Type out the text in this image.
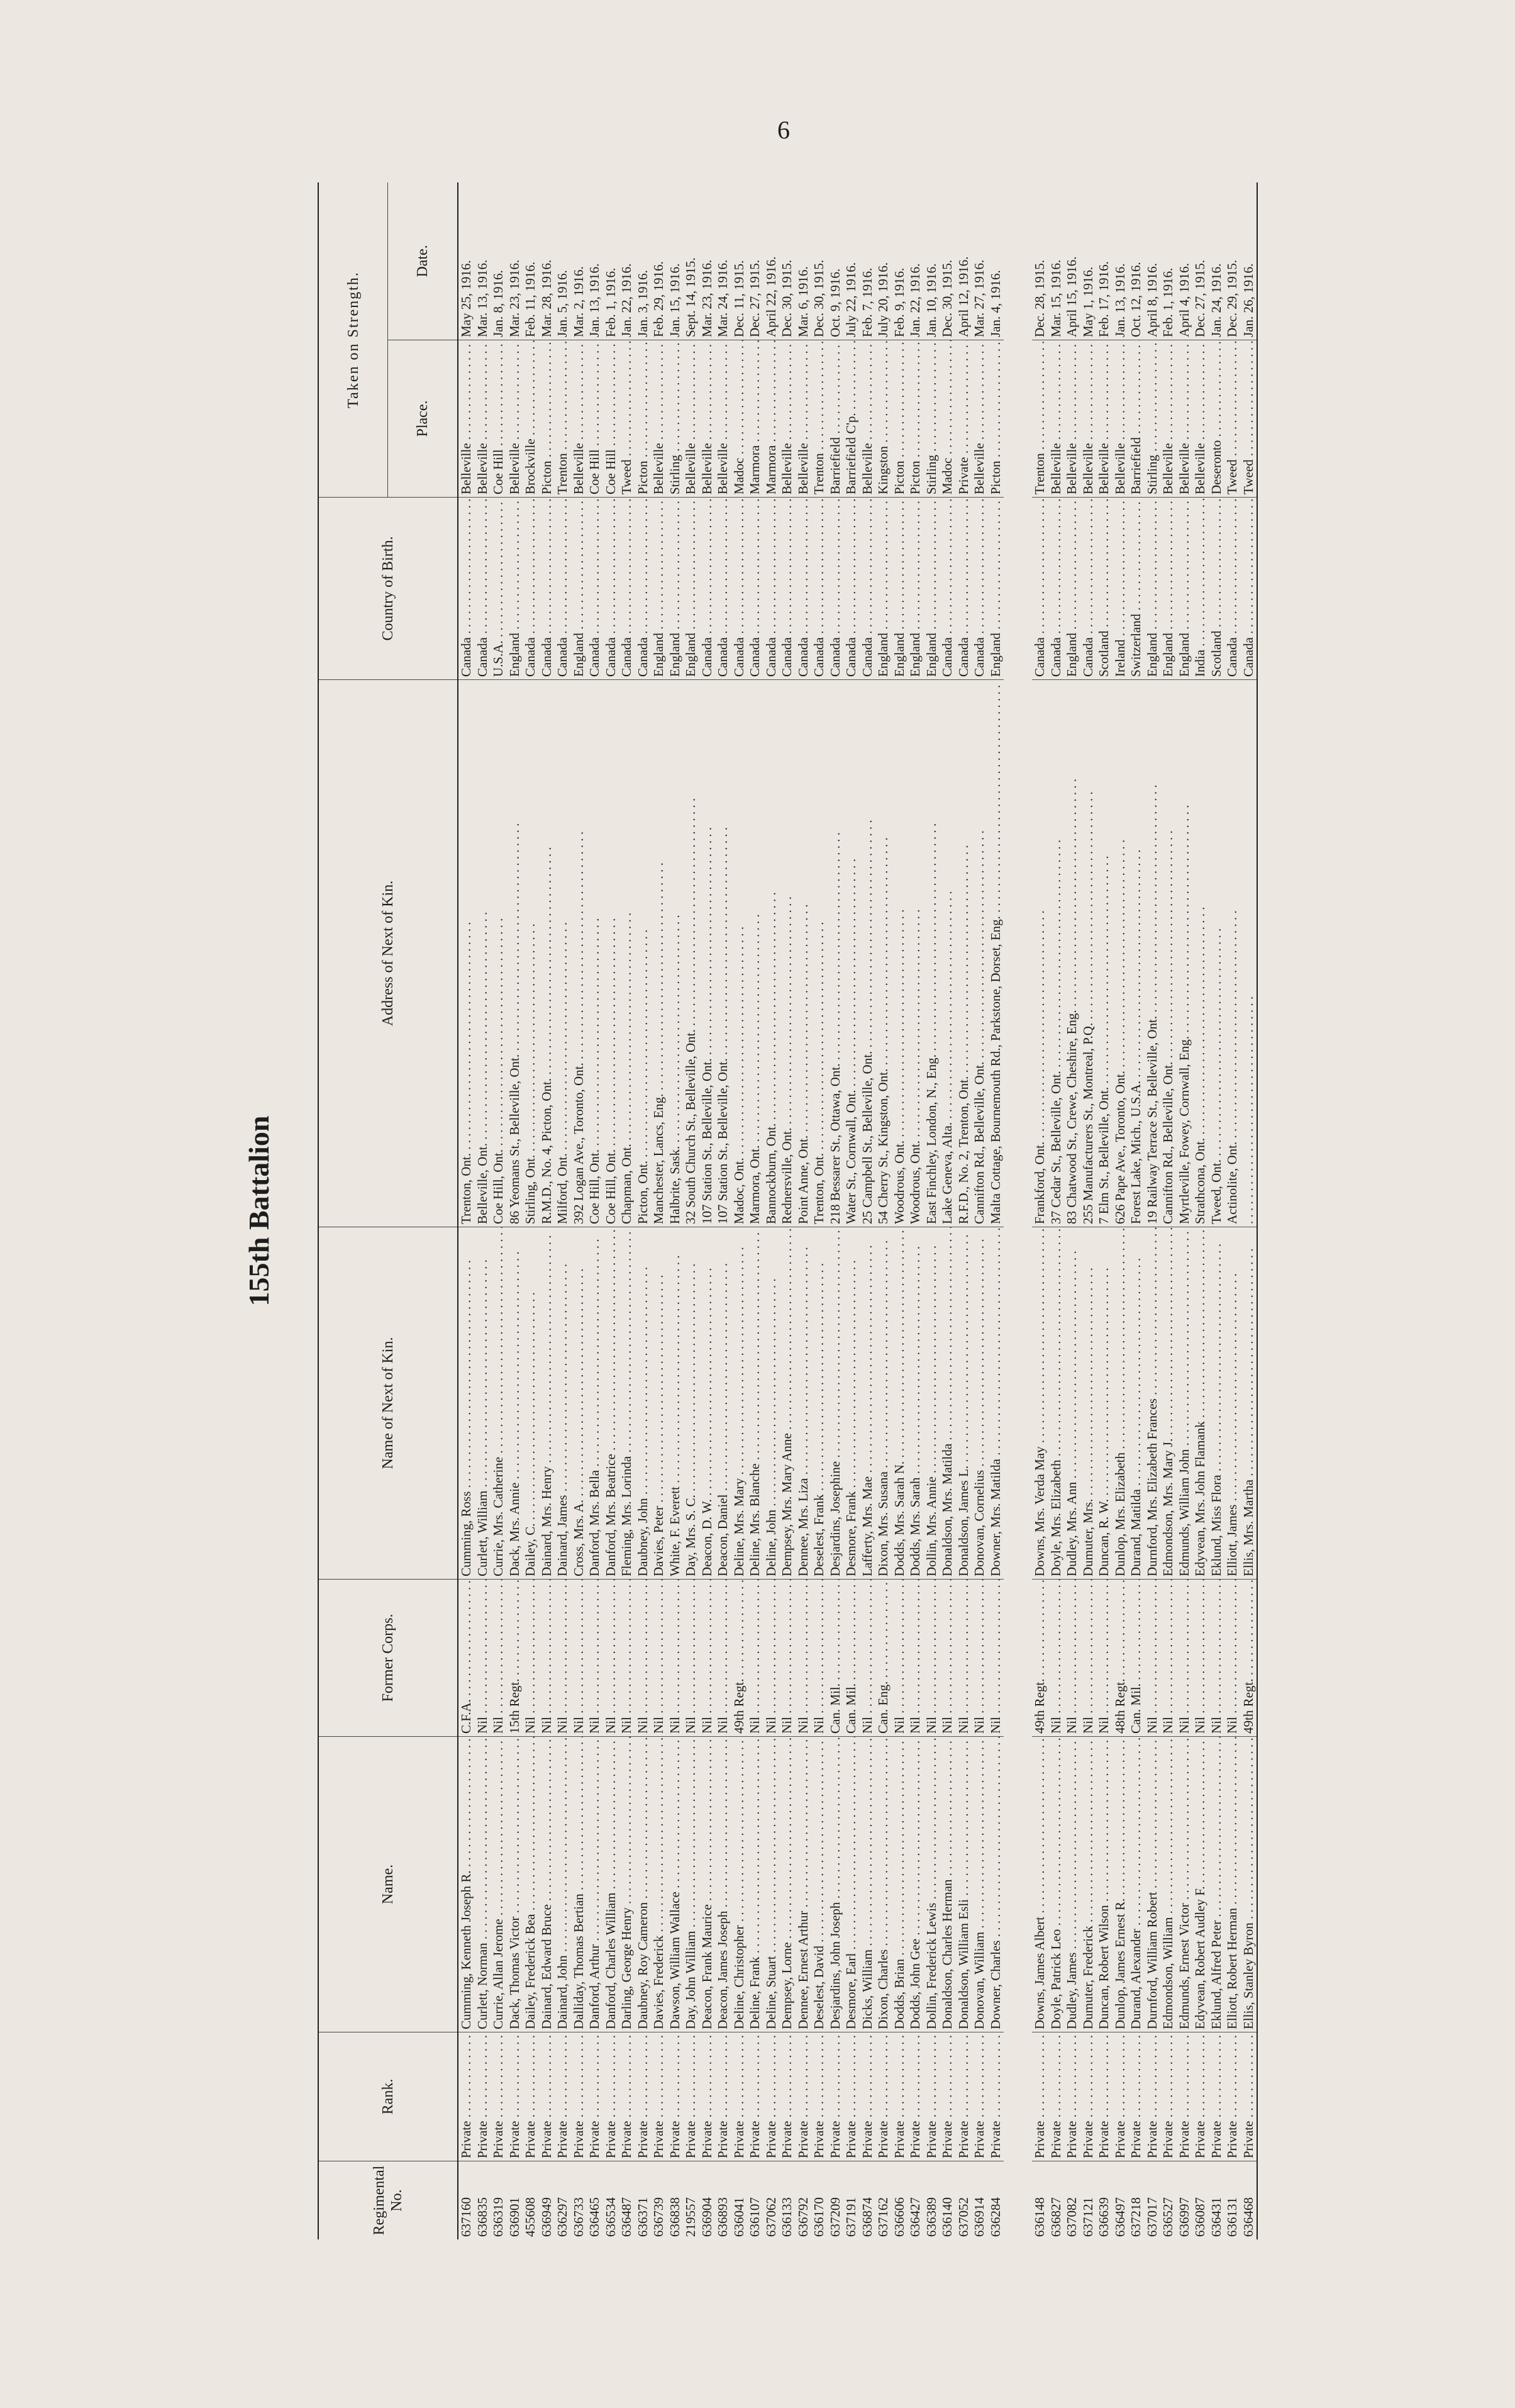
6
155th Battalion
Regimental No.
Rank.
Name.
Former Corps.
Name of Next of Kin.
Address of Next of Kin.
Country of Birth.
Taken on Strength.
Place.
Date.
637160
Private . . .
Cumming, Kenneth Joseph R. . . .
C.F.A. . . .
Cumming, Ross . . .
Trenton, Ont. . . .
Canada . . .
Belleville . . .
May 25, 1916.
636835
Private . . .
Curlett, Norman . . .
Nil . . .
Curlett, William . . .
Belleville, Ont. . . .
Canada . . .
Belleville . . .
Mar. 13, 1916.
636319
Private . . .
Currie, Allan Jerome . . .
Nil . . .
Currie, Mrs. Catherine . . .
Coe Hill, Ont. . . .
U.S.A. . . .
Coe Hill . . .
Jan. 8, 1916.
636901
Private . . .
Dack, Thomas Victor . . .
15th Regt. . . .
Dack, Mrs. Annie . . .
86 Yeomans St., Belleville, Ont. . . .
England . . .
Belleville . . .
Mar. 23, 1916.
455608
Private . . .
Dailey, Frederick Bea . . .
Nil . . .
Dailey, C. . . .
Stirling, Ont. . . .
Canada . . .
Brockville . . .
Feb. 11, 1916.
636949
Private . . .
Dainard, Edward Bruce . . .
Nil . . .
Dainard, Mrs. Henry . . .
R.M.D., No. 4, Picton, Ont. . . .
Canada . . .
Picton . . .
Mar. 28, 1916.
636297
Private . . .
Dainard, John . . .
Nil . . .
Dainard, James . . .
Milford, Ont. . . .
Canada . . .
Trenton . . .
Jan. 5, 1916.
636733
Private . . .
Dalliday, Thomas Bertian . . .
Nil . . .
Cross, Mrs. A. . . .
392 Logan Ave., Toronto, Ont. . . .
England . . .
Belleville . . .
Mar. 2, 1916.
636465
Private . . .
Danford, Arthur . . .
Nil . . .
Danford, Mrs. Bella . . .
Coe Hill, Ont. . . .
Canada . . .
Coe Hill . . .
Jan. 13, 1916.
636534
Private . . .
Danford, Charles William . . .
Nil . . .
Danford, Mrs. Beatrice . . .
Coe Hill, Ont. . . .
Canada . . .
Coe Hill . . .
Feb. 1, 1916.
636487
Private . . .
Darling, George Henry . . .
Nil . . .
Fleming, Mrs. Lorinda . . .
Chapman, Ont. . . .
Canada . . .
Tweed . . .
Jan. 22, 1916.
636371
Private . . .
Daubney, Roy Cameron . . .
Nil . . .
Daubney, John . . .
Picton, Ont. . . .
Canada . . .
Picton . . .
Jan. 3, 1916.
636739
Private . . .
Davies, Frederick . . .
Nil . . .
Davies, Peter . . .
Manchester, Lancs, Eng. . . .
England . . .
Belleville . . .
Feb. 29, 1916.
636838
Private . . .
Dawson, William Wallace . . .
Nil . . .
White, F. Everett . . .
Halbrite, Sask. . . .
England . . .
Stirling . . .
Jan. 15, 1916.
219557
Private . . .
Day, John William . . .
Nil . . .
Day, Mrs. S. C. . . .
32 South Church St., Belleville, Ont. . . .
England . . .
Belleville . . .
Sept. 14, 1915.
636904
Private . . .
Deacon, Frank Maurice . . .
Nil . . .
Deacon, D. W. . . .
107 Station St., Belleville, Ont. . . .
Canada . . .
Belleville . . .
Mar. 23, 1916.
636893
Private . . .
Deacon, James Joseph . . .
Nil . . .
Deacon, Daniel . . .
107 Station St., Belleville, Ont. . . .
Canada . . .
Belleville . . .
Mar. 24, 1916.
636041
Private . . .
Deline, Christopher . . .
49th Regt. . . .
Deline, Mrs. Mary . . .
Madoc, Ont. . . .
Canada . . .
Madoc . . .
Dec. 11, 1915.
636107
Private . . .
Deline, Frank . . .
Nil . . .
Deline, Mrs. Blanche . . .
Marmora, Ont. . . .
Canada . . .
Marmora . . .
Dec. 27, 1915.
637062
Private . . .
Deline, Stuart . . .
Nil . . .
Deline, John . . .
Bannockburn, Ont. . . .
Canada . . .
Marmora . . .
April 22, 1916.
636133
Private . . .
Dempsey, Lorne . . .
Nil . . .
Dempsey, Mrs. Mary Anne . . .
Rednersville, Ont. . . .
Canada . . .
Belleville . . .
Dec. 30, 1915.
636792
Private . . .
Dennee, Ernest Arthur . . .
Nil . . .
Dennee, Mrs. Liza . . .
Point Anne, Ont. . . .
Canada . . .
Belleville . . .
Mar. 6, 1916.
636170
Private . . .
Deselest, David . . .
Nil . . .
Deselest, Frank . . .
Trenton, Ont. . . .
Canada . . .
Trenton . . .
Dec. 30, 1915.
637209
Private . . .
Desjardins, John Joseph . . .
Can. Mil. . . .
Desjardins, Josephine . . .
218 Bessarer St., Ottawa, Ont. . . .
Canada . . .
Barriefield . . .
Oct. 9, 1916.
637191
Private . . .
Desmore, Earl . . .
Can. Mil. . . .
Desmore, Frank . . .
Water St., Cornwall, Ont. . . .
Canada . . .
Barriefield C'p. . . .
July 22, 1916.
636874
Private . . .
Dicks, William . . .
Nil . . .
Lafferty, Mrs. Mae . . .
25 Campbell St., Belleville, Ont. . . .
Canada . . .
Belleville . . .
Feb. 7, 1916.
637162
Private . . .
Dixon, Charles . . .
Can. Eng. . . .
Dixon, Mrs. Susana . . .
54 Cherry St., Kingston, Ont. . . .
England . . .
Kingston . . .
July 20, 1916.
636606
Private . . .
Dodds, Brian . . .
Nil . . .
Dodds, Mrs. Sarah N. . . .
Woodrous, Ont. . . .
England . . .
Picton . . .
Feb. 9, 1916.
636427
Private . . .
Dodds, John Gee . . .
Nil . . .
Dodds, Mrs. Sarah . . .
Woodrous, Ont. . . .
England . . .
Picton . . .
Jan. 22, 1916.
636389
Private . . .
Dollin, Frederick Lewis . . .
Nil . . .
Dollin, Mrs. Annie . . .
East Finchley, London, N., Eng. . . .
England . . .
Stirling . . .
Jan. 10, 1916.
636140
Private . . .
Donaldson, Charles Herman . . .
Nil . . .
Donaldson, Mrs. Matilda . . .
Lake Geneva, Alta. . . .
Canada . . .
Madoc . . .
Dec. 30, 1915.
637052
Private . . .
Donaldson, William Esli . . .
Nil . . .
Donaldson, James L. . . .
R.F.D., No. 2, Trenton, Ont. . . .
Canada . . .
Private . . .
April 12, 1916.
636914
Private . . .
Donovan, William . . .
Nil . . .
Donovan, Cornelius . . .
Cannifton Rd., Belleville, Ont. . . .
Canada . . .
Belleville . . .
Mar. 27, 1916.
636284
Private . . .
Downer, Charles . . .
Nil . . .
Downer, Mrs. Matilda . . .
Malta Cottage, Bournemouth Rd., Parkstone, Dorset, Eng. . . .
England . . .
Picton . . .
Jan. 4, 1916.
636148
Private . . .
Downs, James Albert . . .
49th Regt. . . .
Downs, Mrs. Verda May . . .
Frankford, Ont. . . .
Canada . . .
Trenton . . .
Dec. 28, 1915.
636827
Private . . .
Doyle, Patrick Leo . . .
Nil . . .
Doyle, Mrs. Elizabeth . . .
37 Cedar St., Belleville, Ont. . . .
Canada . . .
Belleville . . .
Mar. 15, 1916.
637082
Private . . .
Dudley, James . . .
Nil . . .
Dudley, Mrs. Ann . . .
83 Chatwood St., Crewe, Cheshire, Eng. . . .
England . . .
Belleville . . .
April 15, 1916.
637121
Private . . .
Dumuter, Frederick . . .
Nil . . .
Dumuter, Mrs. . . .
255 Manufacturers St., Montreal, P.Q. . . .
Canada . . .
Belleville . . .
May 1, 1916.
636639
Private . . .
Duncan, Robert Wilson . . .
Nil . . .
Duncan, R. W. . . .
7 Elm St., Belleville, Ont. . . .
Scotland . . .
Belleville . . .
Feb. 17, 1916.
636497
Private . . .
Dunlop, James Ernest R. . . .
48th Regt. . . .
Dunlop, Mrs. Elizabeth . . .
626 Pape Ave., Toronto, Ont. . . .
Ireland . . .
Belleville . . .
Jan. 13, 1916.
637218
Private . . .
Durand, Alexander . . .
Can. Mil. . . .
Durand, Matilda . . .
Forest Lake, Mich., U.S.A. . . .
Switzerland . . .
Barriefield . . .
Oct. 12, 1916.
637017
Private . . .
Durnford, William Robert . . .
Nil . . .
Durnford, Mrs. Elizabeth Frances . . .
19 Railway Terrace St., Belleville, Ont. . . .
England . . .
Stirling . . .
April 8, 1916.
636527
Private . . .
Edmondson, William . . .
Nil . . .
Edmondson, Mrs. Mary J. . . .
Cannifton Rd., Belleville, Ont. . . .
England . . .
Belleville . . .
Feb. 1, 1916.
636997
Private . . .
Edmunds, Ernest Victor . . .
Nil . . .
Edmunds, William John . . .
Myrtleville, Fowey, Cornwall, Eng. . . .
England . . .
Belleville . . .
April 4, 1916.
636087
Private . . .
Edyvean, Robert Audley F. . . .
Nil . . .
Edyvean, Mrs. John Flamank . . .
Strathcona, Ont. . . .
India . . .
Belleville . . .
Dec. 27, 1915.
636431
Private . . .
Eklund, Alfred Peter . . .
Nil . . .
Eklund, Miss Flora . . .
Tweed, Ont. . . .
Scotland . . .
Deseronto . . .
Jan. 24, 1916.
636131
Private . . .
Elliott, Robert Herman . . .
Nil . . .
Elliott, James . . .
Actinolite, Ont. . . .
Canada . . .
Tweed . . .
Dec. 29, 1915.
636468
Private . . .
Ellis, Stanley Byron . . .
49th Regt. . . .
Ellis, Mrs. Martha . . .
. . .
Canada . . .
Tweed . . .
Jan. 26, 1916.
